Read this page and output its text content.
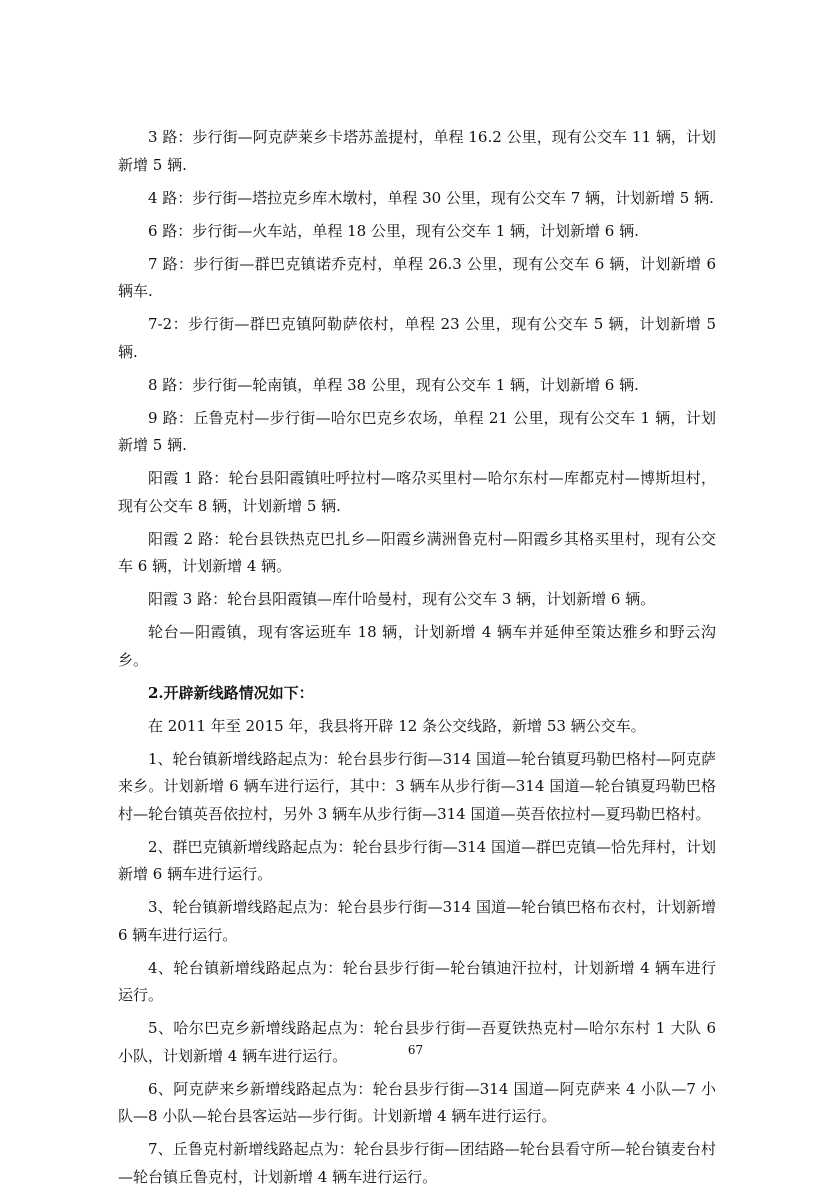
3 路：步行街—阿克萨莱乡卡塔苏盖提村，单程 16.2 公里，现有公交车 11 辆，计划新增 5 辆.

4 路：步行街—塔拉克乡库木墩村，单程 30 公里，现有公交车 7 辆，计划新增 5 辆.

6 路：步行街—火车站，单程 18 公里，现有公交车 1 辆，计划新增 6 辆.

7 路：步行街—群巴克镇诺乔克村，单程 26.3 公里，现有公交车 6 辆，计划新增 6 辆车.

7-2：步行街—群巴克镇阿勒萨依村，单程 23 公里，现有公交车 5 辆，计划新增 5 辆.

8 路：步行街—轮南镇，单程 38 公里，现有公交车 1 辆，计划新增 6 辆.

9 路：丘鲁克村—步行街—哈尔巴克乡农场，单程 21 公里，现有公交车 1 辆，计划新增 5 辆.

阳霞 1 路：轮台县阳霞镇吐呼拉村—喀尕买里村—哈尔东村—库都克村—博斯坦村，现有公交车 8 辆，计划新增 5 辆.

阳霞 2 路：轮台县铁热克巴扎乡—阳霞乡满洲鲁克村—阳霞乡其格买里村，现有公交车 6 辆，计划新增 4 辆。

阳霞 3 路：轮台县阳霞镇—库什哈曼村，现有公交车 3 辆，计划新增 6 辆。

轮台—阳霞镇，现有客运班车 18 辆，计划新增 4 辆车并延伸至策达雅乡和野云沟乡。

2.开辟新线路情况如下：

在 2011 年至 2015 年，我县将开辟 12 条公交线路，新增 53 辆公交车。

1、轮台镇新增线路起点为：轮台县步行街—314 国道—轮台镇夏玛勒巴格村—阿克萨来乡。计划新增 6 辆车进行运行，其中：3 辆车从步行街—314 国道—轮台镇夏玛勒巴格村—轮台镇英吾依拉村，另外 3 辆车从步行街—314 国道—英吾依拉村—夏玛勒巴格村。

2、群巴克镇新增线路起点为：轮台县步行街—314 国道—群巴克镇—恰先拜村，计划新增 6 辆车进行运行。

3、轮台镇新增线路起点为：轮台县步行街—314 国道—轮台镇巴格布衣村，计划新增 6 辆车进行运行。

4、轮台镇新增线路起点为：轮台县步行街—轮台镇迪汗拉村，计划新增 4 辆车进行运行。

5、哈尔巴克乡新增线路起点为：轮台县步行街—吾夏铁热克村—哈尔东村 1 大队 6 小队，计划新增 4 辆车进行运行。

6、阿克萨来乡新增线路起点为：轮台县步行街—314 国道—阿克萨来 4 小队—7 小队—8 小队—轮台县客运站—步行街。计划新增 4 辆车进行运行。

7、丘鲁克村新增线路起点为：轮台县步行街—团结路—轮台县看守所—轮台镇麦台村—轮台镇丘鲁克村，计划新增 4 辆车进行运行。

67
